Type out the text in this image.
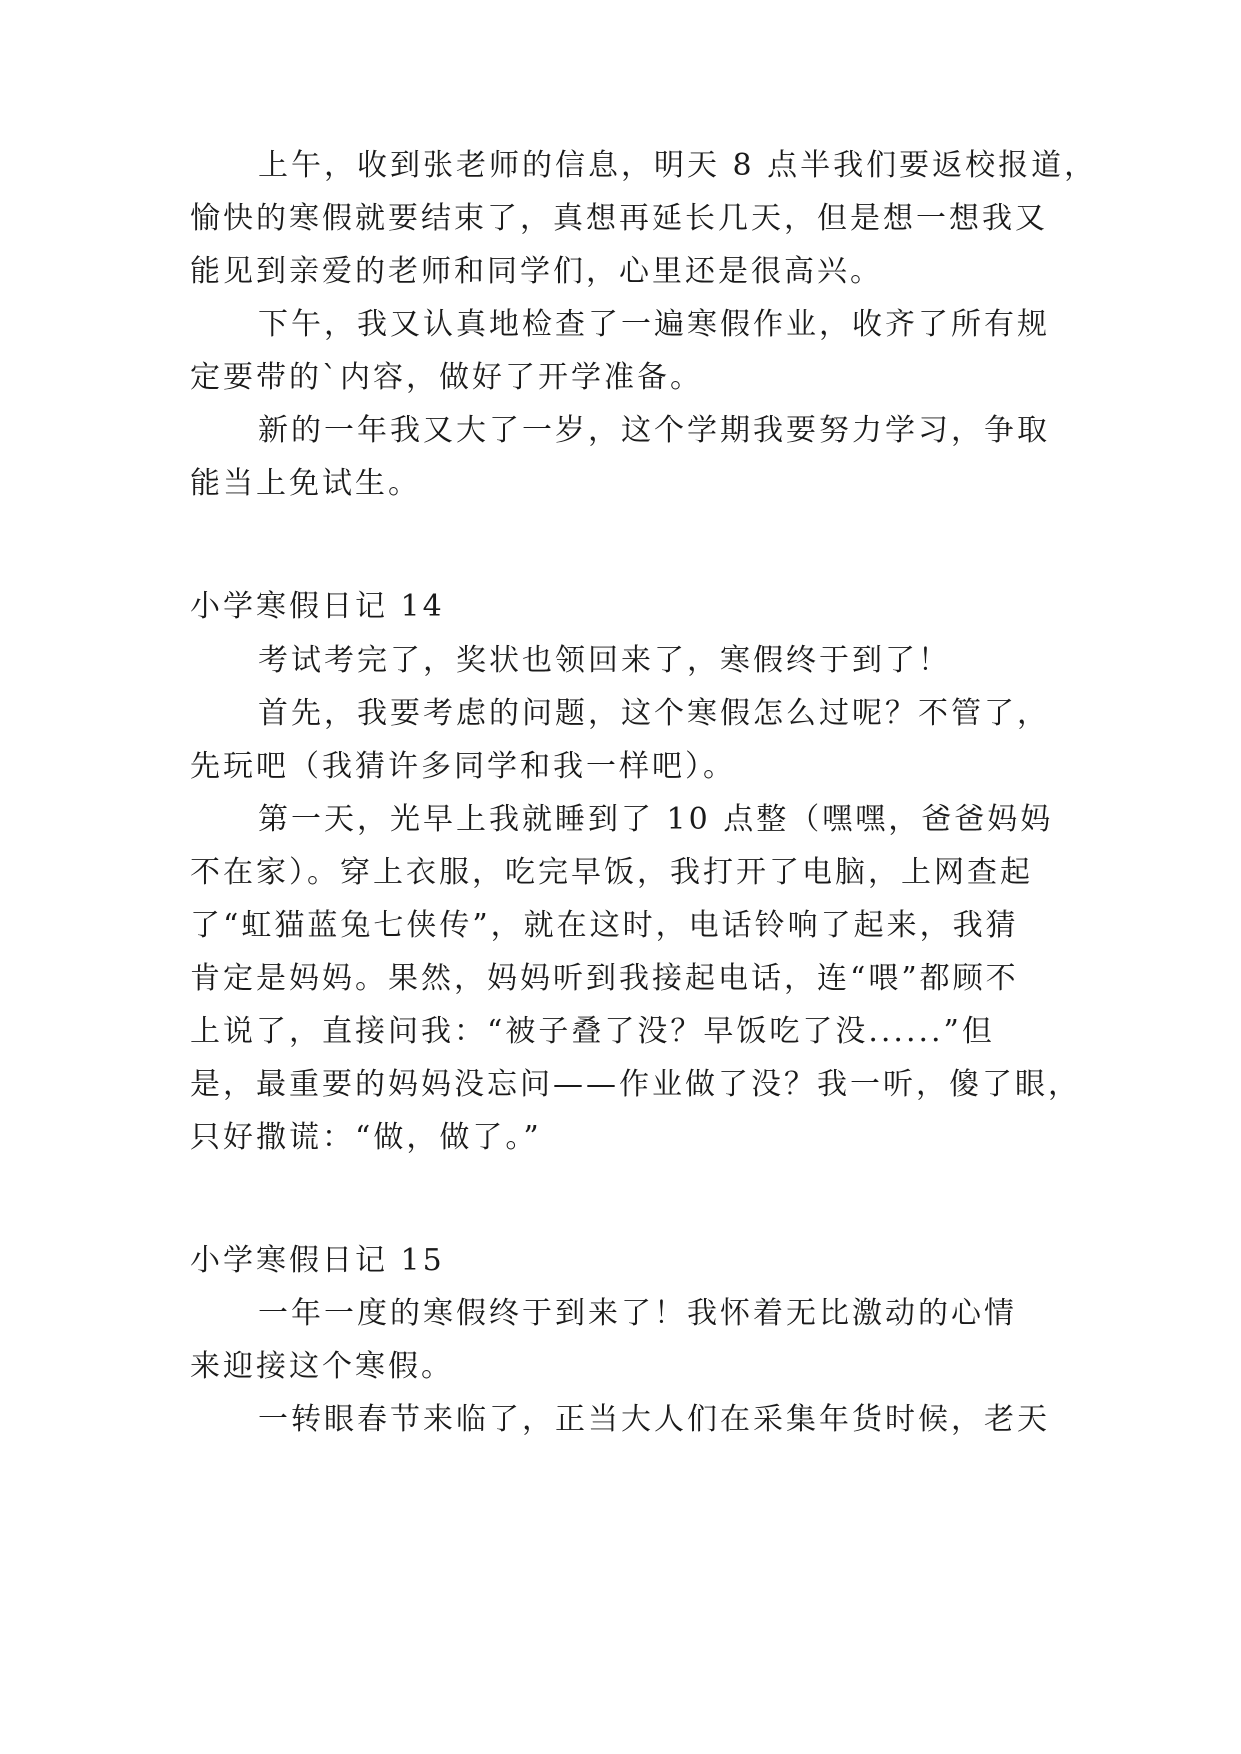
上午，收到张老师的信息，明天 8 点半我们要返校报道，
愉快的寒假就要结束了，真想再延长几天，但是想一想我又
能见到亲爱的老师和同学们，心里还是很高兴。
下午，我又认真地检查了一遍寒假作业，收齐了所有规
定要带的`内容，做好了开学准备。
新的一年我又大了一岁，这个学期我要努力学习，争取
能当上免试生。
小学寒假日记 14
考试考完了，奖状也领回来了，寒假终于到了！
首先，我要考虑的问题，这个寒假怎么过呢？不管了，
先玩吧（我猜许多同学和我一样吧）。
第一天，光早上我就睡到了 10 点整（嘿嘿，爸爸妈妈
不在家）。穿上衣服，吃完早饭，我打开了电脑，上网查起
了“虹猫蓝兔七侠传”，就在这时，电话铃响了起来，我猜
肯定是妈妈。果然，妈妈听到我接起电话，连“喂”都顾不
上说了，直接问我：“被子叠了没？早饭吃了没......”但
是，最重要的妈妈没忘问——作业做了没？我一听，傻了眼，
只好撒谎：“做，做了。”
小学寒假日记 15
一年一度的寒假终于到来了！我怀着无比激动的心情
来迎接这个寒假。
一转眼春节来临了，正当大人们在采集年货时候，老天
